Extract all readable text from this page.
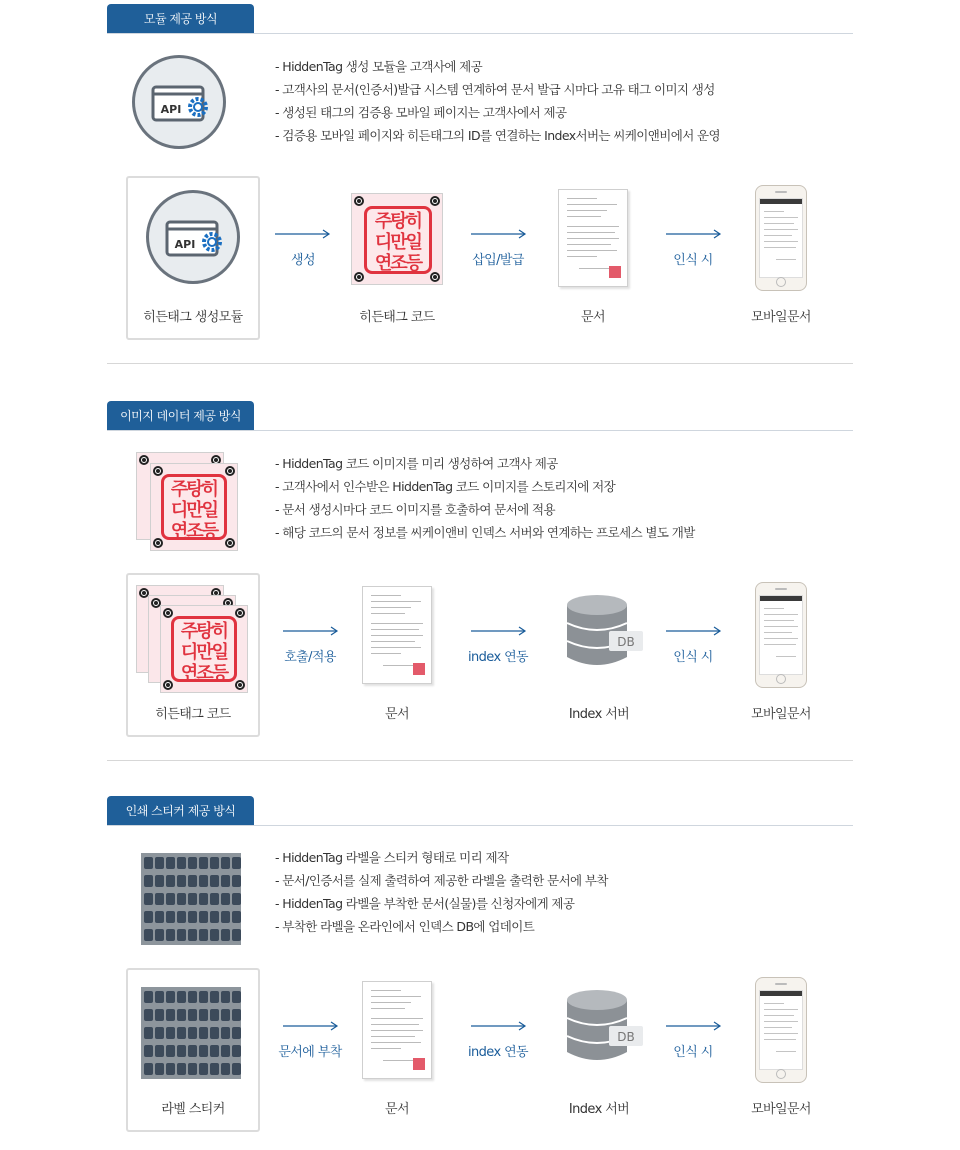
모듈 제공 방식
API
- HiddenTag 생성 모듈을 고객사에 제공
- 고객사의 문서(인증서)발급 시스템 연계하여 문서 발급 시마다 고유 태그 이미지 생성
- 생성된 태그의 검증용 모바일 페이지는 고객사에서 제공
- 검증용 모바일 페이지와 히든태그의 ID를 연결하는 Index서버는 씨케이앤비에서 운영
API
히든태그 생성모듈
생성
주탕히
디만일
연조등
히든태그 코드
삽입/발급
문서
인식 시
모바일문서
이미지 데이터 제공 방식
주탕히
디만일
연조등
- HiddenTag 코드 이미지를 미리 생성하여 고객사 제공
- 고객사에서 인수받은 HiddenTag 코드 이미지를 스토리지에 저장
- 문서 생성시마다 코드 이미지를 호출하여 문서에 적용
- 해당 코드의 문서 정보를 씨케이앤비 인덱스 서버와 연계하는 프로세스 별도 개발
주탕히
디만일
연조등
히든태그 코드
호출/적용
문서
index 연동
DB
Index 서버
인식 시
모바일문서
인쇄 스티커 제공 방식
- HiddenTag 라벨을 스티커 형태로 미리 제작
- 문서/인증서를 실제 출력하여 제공한 라벨을 출력한 문서에 부착
- HiddenTag 라벨을 부착한 문서(실물)를 신청자에게 제공
- 부착한 라벨을 온라인에서 인덱스 DB에 업데이트
라벨 스티커
문서에 부착
문서
index 연동
DB
Index 서버
인식 시
모바일문서
